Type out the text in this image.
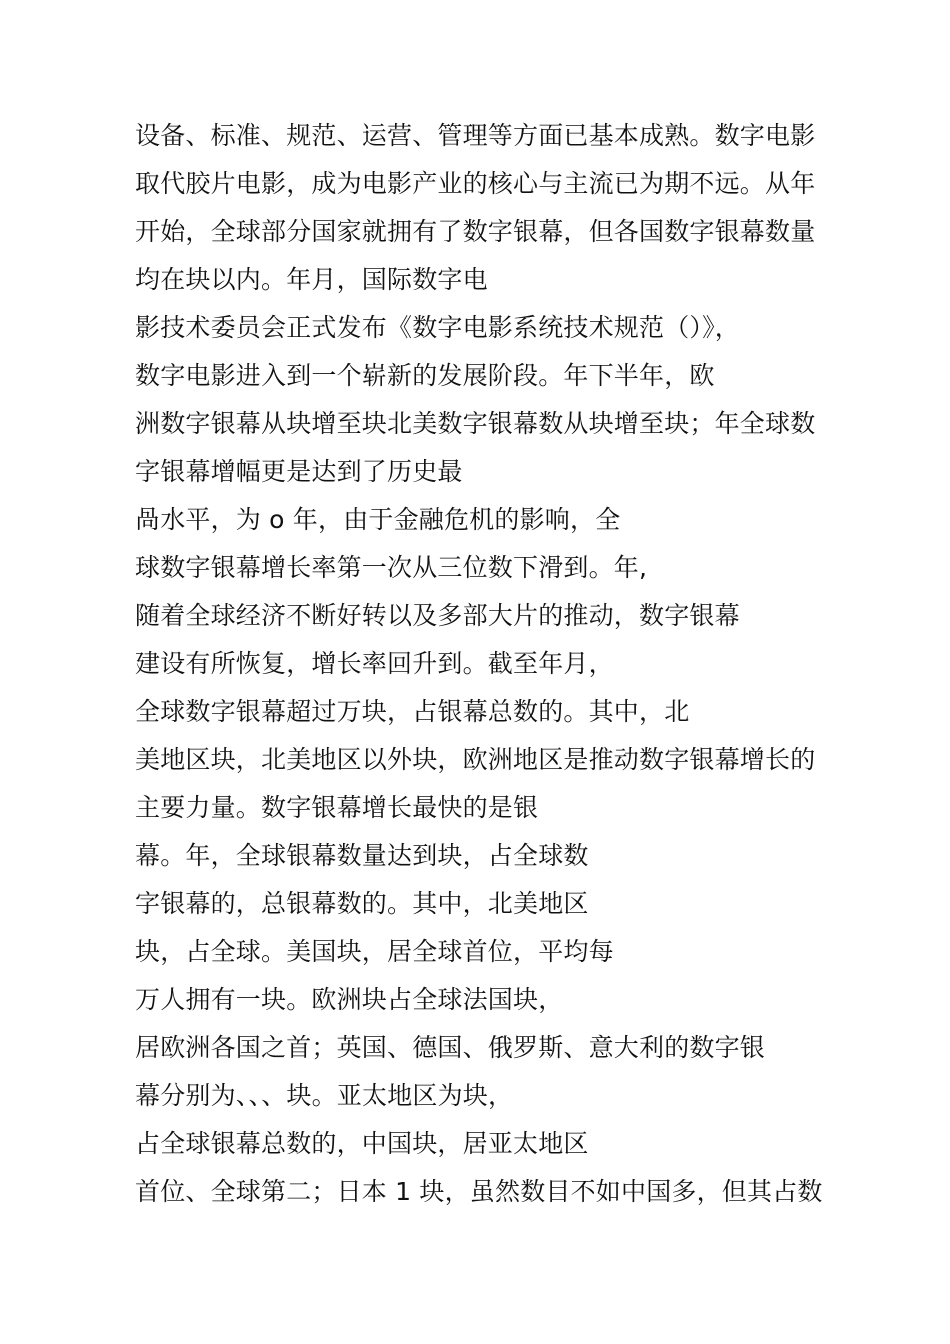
设备、标准、规范、运营、管理等方面已基本成熟。数字电影
取代胶片电影，成为电影产业的核心与主流已为期不远。从年
开始，全球部分国家就拥有了数字银幕，但各国数字银幕数量
均在块以内。年月，国际数字电
影技术委员会正式发布《数字电影系统技术规范（）》，
数字电影进入到一个崭新的发展阶段。年下半年，欧
洲数字银幕从块增至块北美数字银幕数从块增至块；年全球数
字银幕增幅更是达到了历史最
咼水平，为 o 年，由于金融危机的影响，全
球数字银幕增长率第一次从三位数下滑到。年,
随着全球经济不断好转以及多部大片的推动，数字银幕
建设有所恢复，增长率回升到。截至年月，
全球数字银幕超过万块，占银幕总数的。其中，北
美地区块，北美地区以外块，欧洲地区是推动数字银幕增长的
主要力量。数字银幕增长最快的是银
幕。年，全球银幕数量达到块，占全球数
字银幕的，总银幕数的。其中，北美地区
块，占全球。美国块，居全球首位，平均每
万人拥有一块。欧洲块占全球法国块，
居欧洲各国之首；英国、德国、俄罗斯、意大利的数字银
幕分别为、、、块。亚太地区为块，
占全球银幕总数的，中国块，居亚太地区
首位、全球第二；日本 1 块，虽然数目不如中国多，但其占数
